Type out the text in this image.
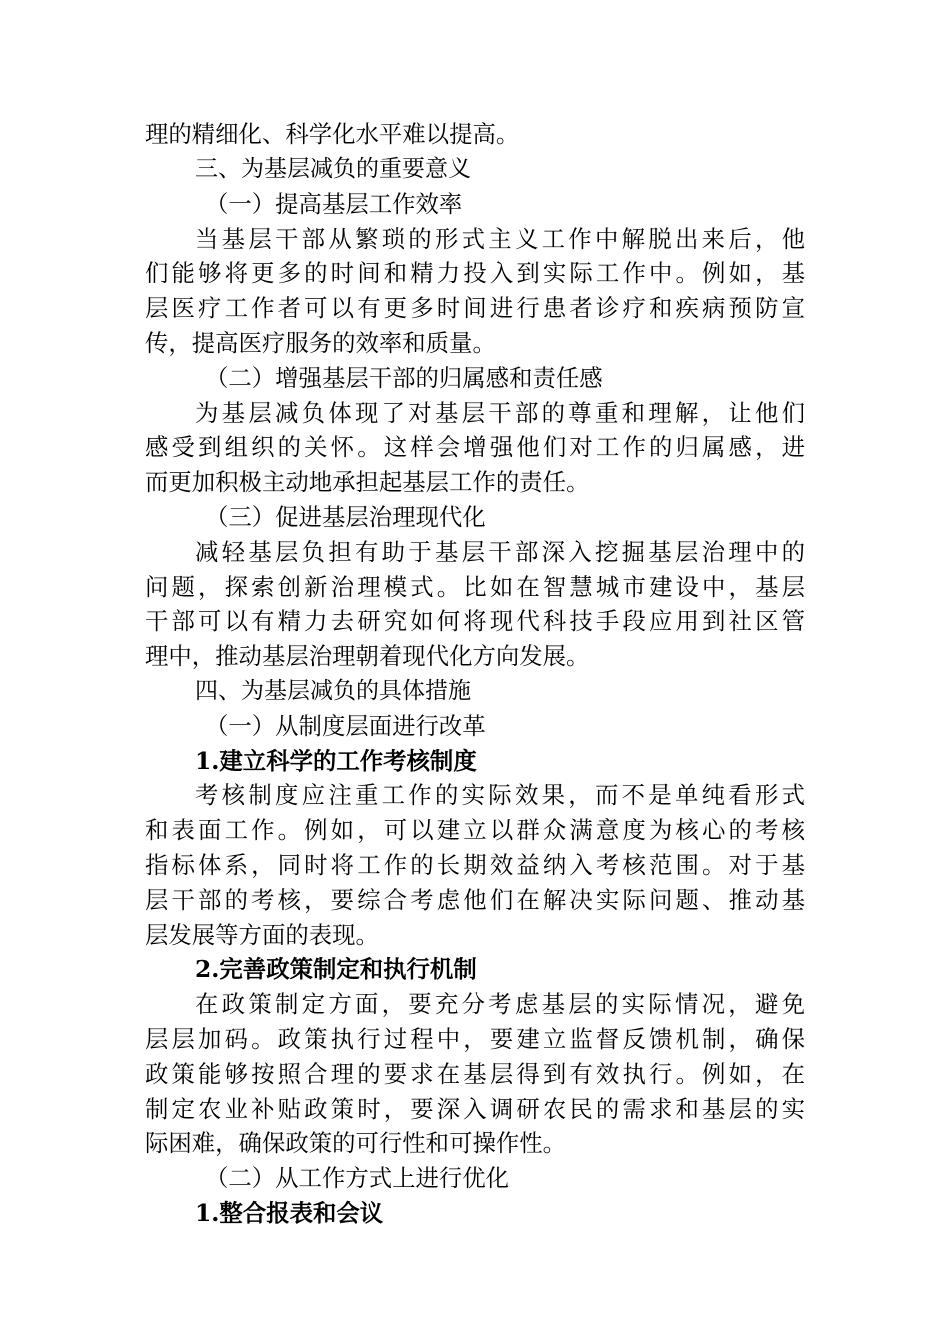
理的精细化、科学化水平难以提高。
三、为基层减负的重要意义
（一）提高基层工作效率
当基层干部从繁琐的形式主义工作中解脱出来后，他
们能够将更多的时间和精力投入到实际工作中。例如，基
层医疗工作者可以有更多时间进行患者诊疗和疾病预防宣
传，提高医疗服务的效率和质量。
（二）增强基层干部的归属感和责任感
为基层减负体现了对基层干部的尊重和理解，让他们
感受到组织的关怀。这样会增强他们对工作的归属感，进
而更加积极主动地承担起基层工作的责任。
（三）促进基层治理现代化
减轻基层负担有助于基层干部深入挖掘基层治理中的
问题，探索创新治理模式。比如在智慧城市建设中，基层
干部可以有精力去研究如何将现代科技手段应用到社区管
理中，推动基层治理朝着现代化方向发展。
四、为基层减负的具体措施
（一）从制度层面进行改革
1.建立科学的工作考核制度
考核制度应注重工作的实际效果，而不是单纯看形式
和表面工作。例如，可以建立以群众满意度为核心的考核
指标体系，同时将工作的长期效益纳入考核范围。对于基
层干部的考核，要综合考虑他们在解决实际问题、推动基
层发展等方面的表现。
2.完善政策制定和执行机制
在政策制定方面，要充分考虑基层的实际情况，避免
层层加码。政策执行过程中，要建立监督反馈机制，确保
政策能够按照合理的要求在基层得到有效执行。例如，在
制定农业补贴政策时，要深入调研农民的需求和基层的实
际困难，确保政策的可行性和可操作性。
（二）从工作方式上进行优化
1.整合报表和会议
